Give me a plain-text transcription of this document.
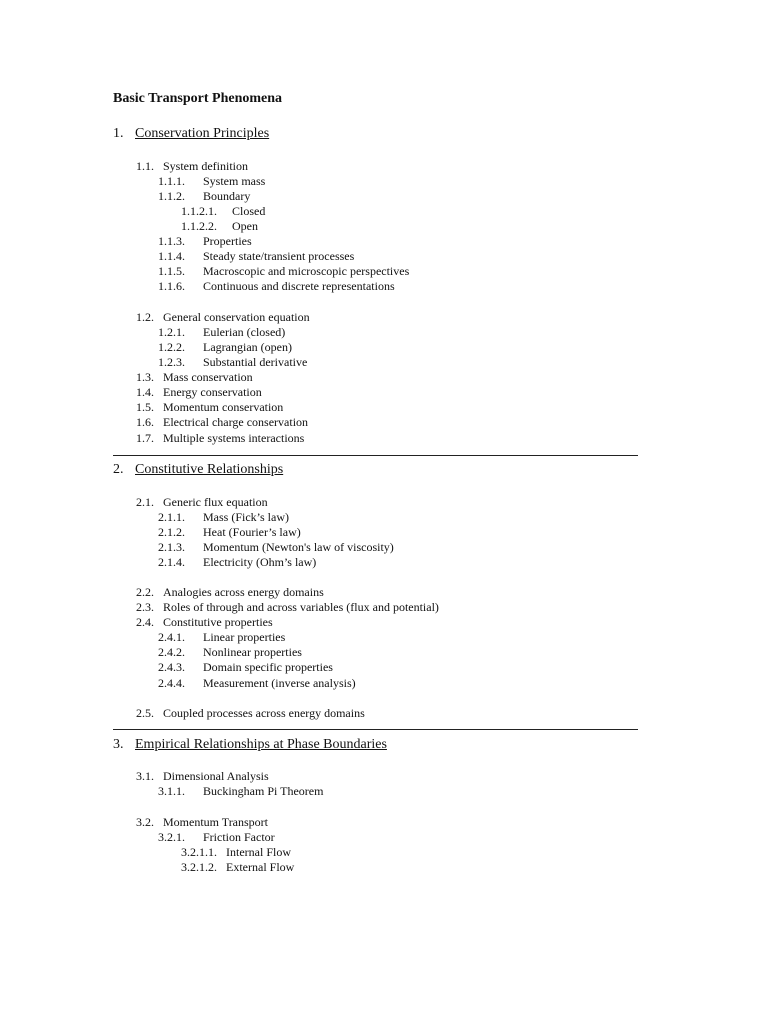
Basic Transport Phenomena
1. Conservation Principles
1.1. System definition
1.1.1. System mass
1.1.2. Boundary
1.1.2.1. Closed
1.1.2.2. Open
1.1.3. Properties
1.1.4. Steady state/transient processes
1.1.5. Macroscopic and microscopic perspectives
1.1.6. Continuous and discrete representations
1.2. General conservation equation
1.2.1. Eulerian (closed)
1.2.2. Lagrangian (open)
1.2.3. Substantial derivative
1.3. Mass conservation
1.4. Energy conservation
1.5. Momentum conservation
1.6. Electrical charge conservation
1.7. Multiple systems interactions
2. Constitutive Relationships
2.1. Generic flux equation
2.1.1. Mass (Fick’s law)
2.1.2. Heat (Fourier’s law)
2.1.3. Momentum (Newton's law of viscosity)
2.1.4. Electricity (Ohm’s law)
2.2. Analogies across energy domains
2.3. Roles of through and across variables (flux and potential)
2.4. Constitutive properties
2.4.1. Linear properties
2.4.2. Nonlinear properties
2.4.3. Domain specific properties
2.4.4. Measurement (inverse analysis)
2.5. Coupled processes across energy domains
3. Empirical Relationships at Phase Boundaries
3.1. Dimensional Analysis
3.1.1. Buckingham Pi Theorem
3.2. Momentum Transport
3.2.1. Friction Factor
3.2.1.1. Internal Flow
3.2.1.2. External Flow
